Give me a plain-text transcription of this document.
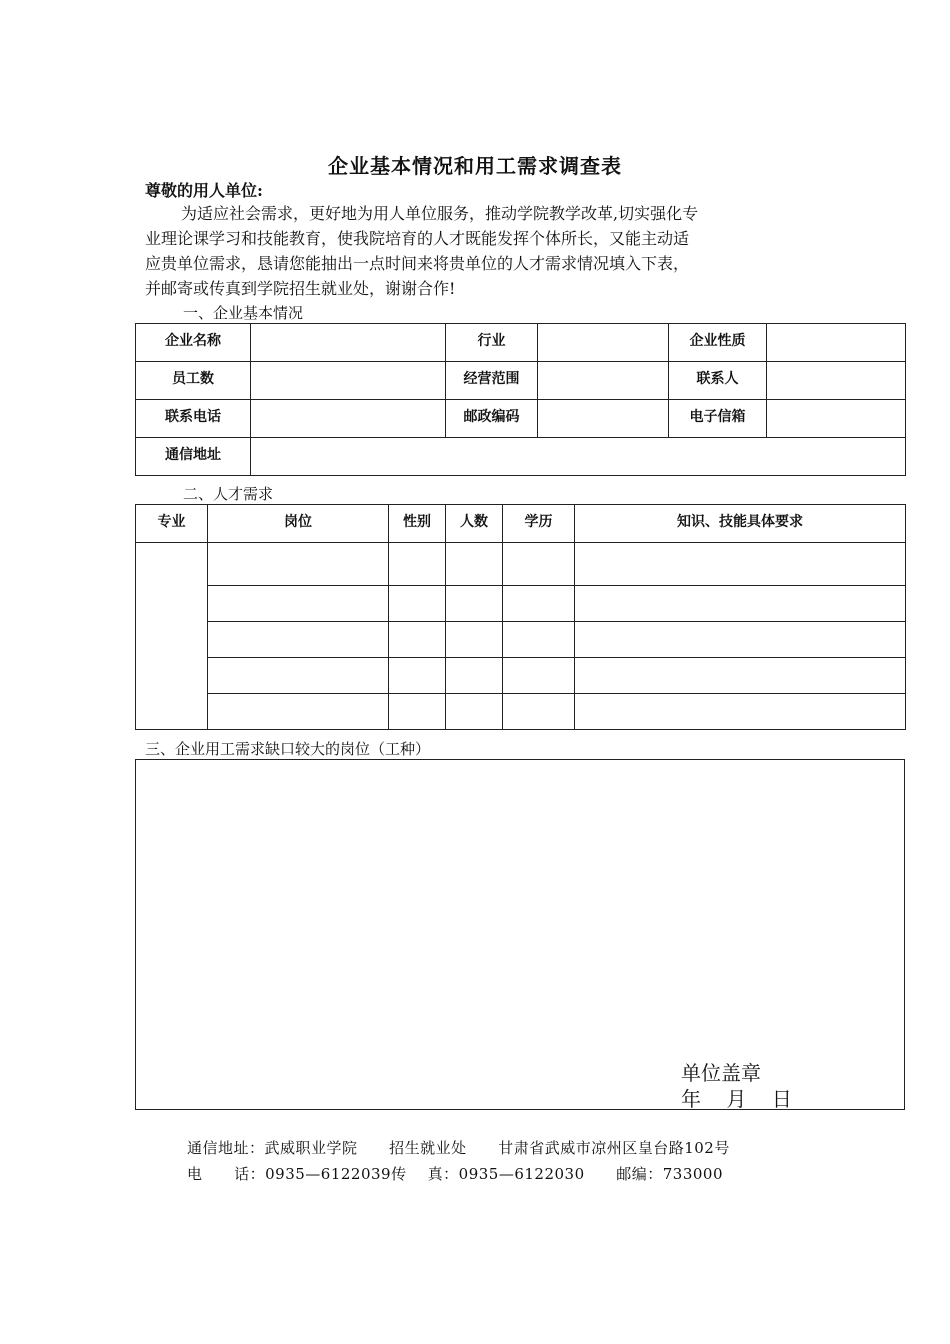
企业基本情况和用工需求调查表
尊敬的用人单位:

为适应社会需求，更好地为用人单位服务，推动学院教学改革,切实强化专

业理论课学习和技能教育，使我院培育的人才既能发挥个体所长，又能主动适

应贵单位需求，恳请您能抽出一点时间来将贵单位的人才需求情况填入下表，

并邮寄或传真到学院招生就业处，谢谢合作!

一、企业基本情况
企业名称		行业		企业性质	

员工数		经营范围		联系人	

联系电话		邮政编码		电子信箱	

通信地址					

二、人才需求
专业	岗位	性别	人数	学历	知识、技能具体要求

三、企业用工需求缺口较大的岗位（工种）
单位盖章
年    月    日
通信地址：武威职业学院      招生就业处      甘肃省武威市凉州区皇台路102号
电      话：0935—6122039传    真：0935—6122030      邮编：733000
